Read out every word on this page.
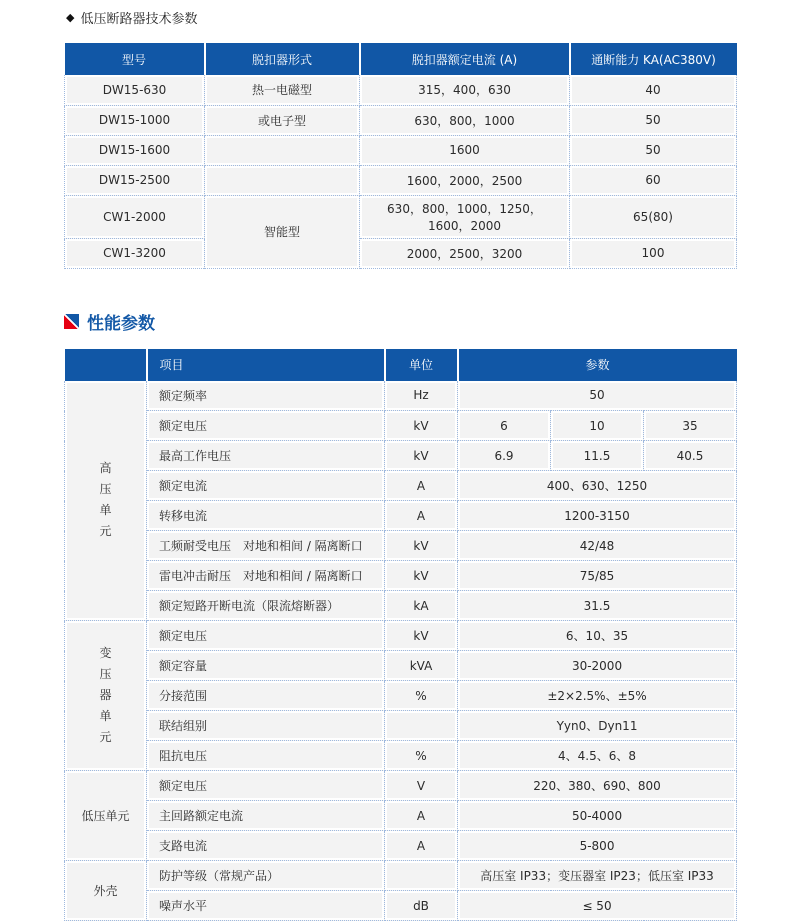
◆ 低压断路器技术参数
型号	脱扣器形式	脱扣器额定电流 (A)	通断能力 KA(AC380V)
DW15-630	热一电磁型	315，400，630	40
DW15-1000	或电子型	630，800，1000	50
DW15-1600		1600	50
DW15-2500		1600，2000，2500	60
CW1-2000	智能型	630，800，1000，1250，1600，2000	65(80)
CW1-3200		2000，2500，3200	100
性能参数
	项目	单位	参数		

高压单元	额定频率	Hz	50		
	额定电压	kV	6	10	35
	最高工作电压	kV	6.9	11.5	40.5
	额定电流	A	400、630、1250		
	转移电流	A	1200-3150		
	工频耐受电压　对地和相间 / 隔离断口	kV	42/48		
	雷电冲击耐压　对地和相间 / 隔离断口	kV	75/85		
	额定短路开断电流（限流熔断器）	kA	31.5		

变压器单元	额定电压	kV	6、10、35		
	额定容量	kVA	30-2000		
	分接范围	%	±2×2.5%、±5%		
	联结组别		Yyn0、Dyn11		
	阻抗电压	%	4、4.5、6、8		
低压单元	额定电压	V	220、380、690、800		
	主回路额定电流	A	50-4000		
	支路电流	A	5-800		
外壳	防护等级（常规产品）		高压室 IP33；变压器室 IP23；低压室 IP33		
	噪声水平	dB	≤ 50		
